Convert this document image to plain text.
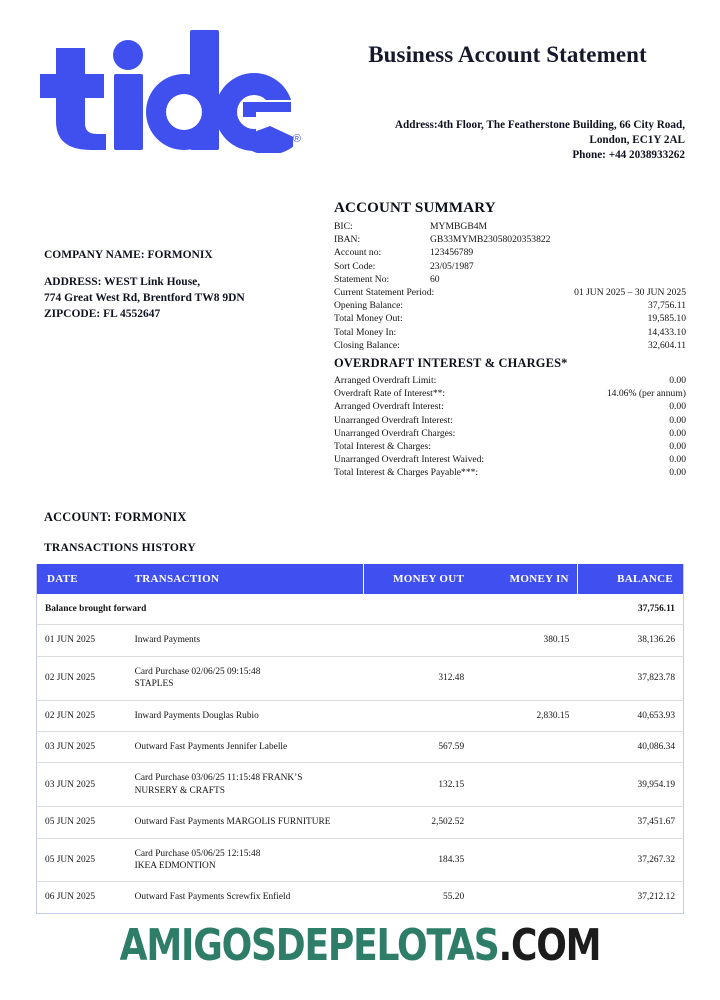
®
Business Account Statement
Address:4th Floor, The Featherstone Building, 66 City Road,
London, EC1Y 2AL
Phone: +44 2038933262
COMPANY NAME: FORMONIX
ADDRESS: WEST Link House,
774 Great West Rd, Brentford TW8 9DN
ZIPCODE: FL 4552647
ACCOUNT SUMMARY
BIC:	MYMBGB4M
IBAN:	GB33MYMB23058020353822
Account no:	123456789
Sort Code:	23/05/1987
Statement No:	60
Current Statement Period:	01 JUN 2025 – 30 JUN 2025
Opening Balance:	37,756.11
Total Money Out:	19,585.10
Total Money In:	14,433.10
Closing Balance:	32,604.11
OVERDRAFT INTEREST & CHARGES*
Arranged Overdraft Limit:	0.00
Overdraft Rate of Interest**:	14.06% (per annum)
Arranged Overdraft Interest:	0.00
Unarranged Overdraft Interest:	0.00
Unarranged Overdraft Charges:	0.00
Total Interest & Charges:	0.00
Unarranged Overdraft Interest Waived:	0.00
Total Interest & Charges Payable***:	0.00
ACCOUNT: FORMONIX
TRANSACTIONS HISTORY
DATE	TRANSACTION	MONEY OUT	MONEY IN	BALANCE
Balance brought forward				37,756.11
01 JUN 2025	Inward Payments		380.15	38,136.26
02 JUN 2025	Card Purchase 02/06/25 09:15:48
STAPLES	312.48		37,823.78
02 JUN 2025	Inward Payments Douglas Rubio		2,830.15	40,653.93
03 JUN 2025	Outward Fast Payments Jennifer Labelle	567.59		40,086.34
03 JUN 2025	Card Purchase 03/06/25 11:15:48 FRANK’S
NURSERY & CRAFTS	132.15		39,954.19
05 JUN 2025	Outward Fast Payments MARGOLIS FURNITURE	2,502.52		37,451.67
05 JUN 2025	Card Purchase 05/06/25 12:15:48
IKEA EDMONTION	184.35		37,267.32
06 JUN 2025	Outward Fast Payments Screwfix Enfield	55.20		37,212.12
AMIGOSDEPELOTAS.COM
